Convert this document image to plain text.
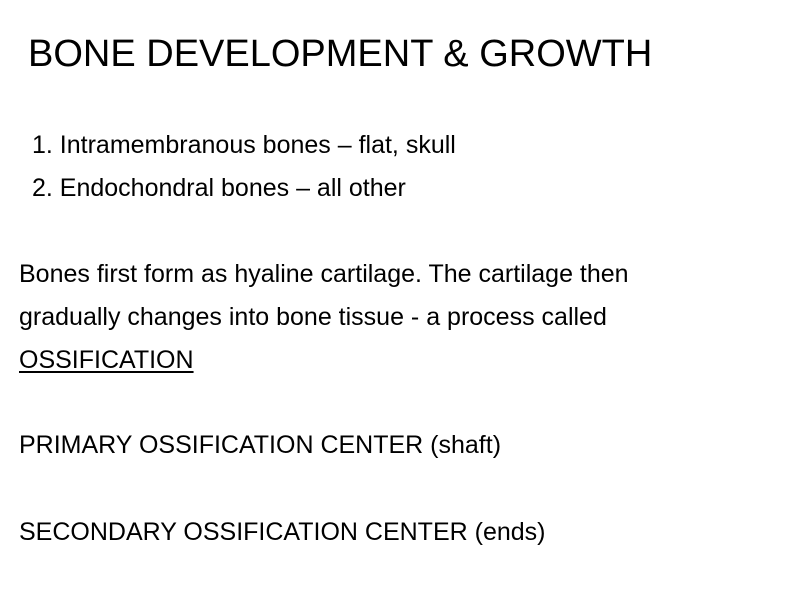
BONE DEVELOPMENT & GROWTH
1. Intramembranous bones – flat, skull
2. Endochondral bones – all other

Bones first form as hyaline cartilage. The cartilage then
gradually changes into bone tissue - a process called
OSSIFICATION

PRIMARY OSSIFICATION CENTER (shaft)
SECONDARY OSSIFICATION CENTER (ends)
